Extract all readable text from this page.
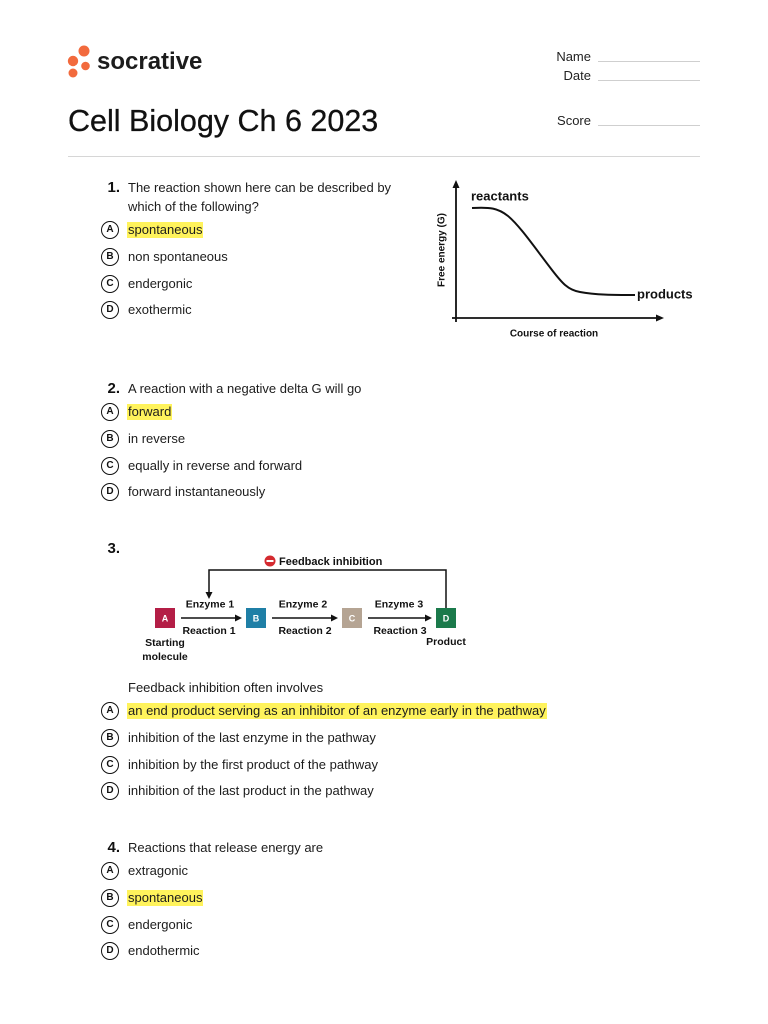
socrative
Cell Biology Ch 6 2023
Name
Date
Score
1. The reaction shown here can be described by which of the following?
A	spontaneous
B	non spontaneous
C	endergonic
D	exothermic
reactants
products
Free energy (G)
Course of reaction
2. A reaction with a negative delta G will go
A	forward
B	in reverse
C	equally in reverse and forward
D	forward instantaneously
3.
Feedback inhibition
A	B	C	D
Enzyme 1	Enzyme 2	Enzyme 3
Reaction 1	Reaction 2	Reaction 3
Starting
molecule
Product
Feedback inhibition often involves
A	an end product serving as an inhibitor of an enzyme early in the pathway
B	inhibition of the last enzyme in the pathway
C	inhibition by the first product of the pathway
D	inhibition of the last product in the pathway
4. Reactions that release energy are
A	extragonic
B	spontaneous
C	endergonic
D	endothermic
